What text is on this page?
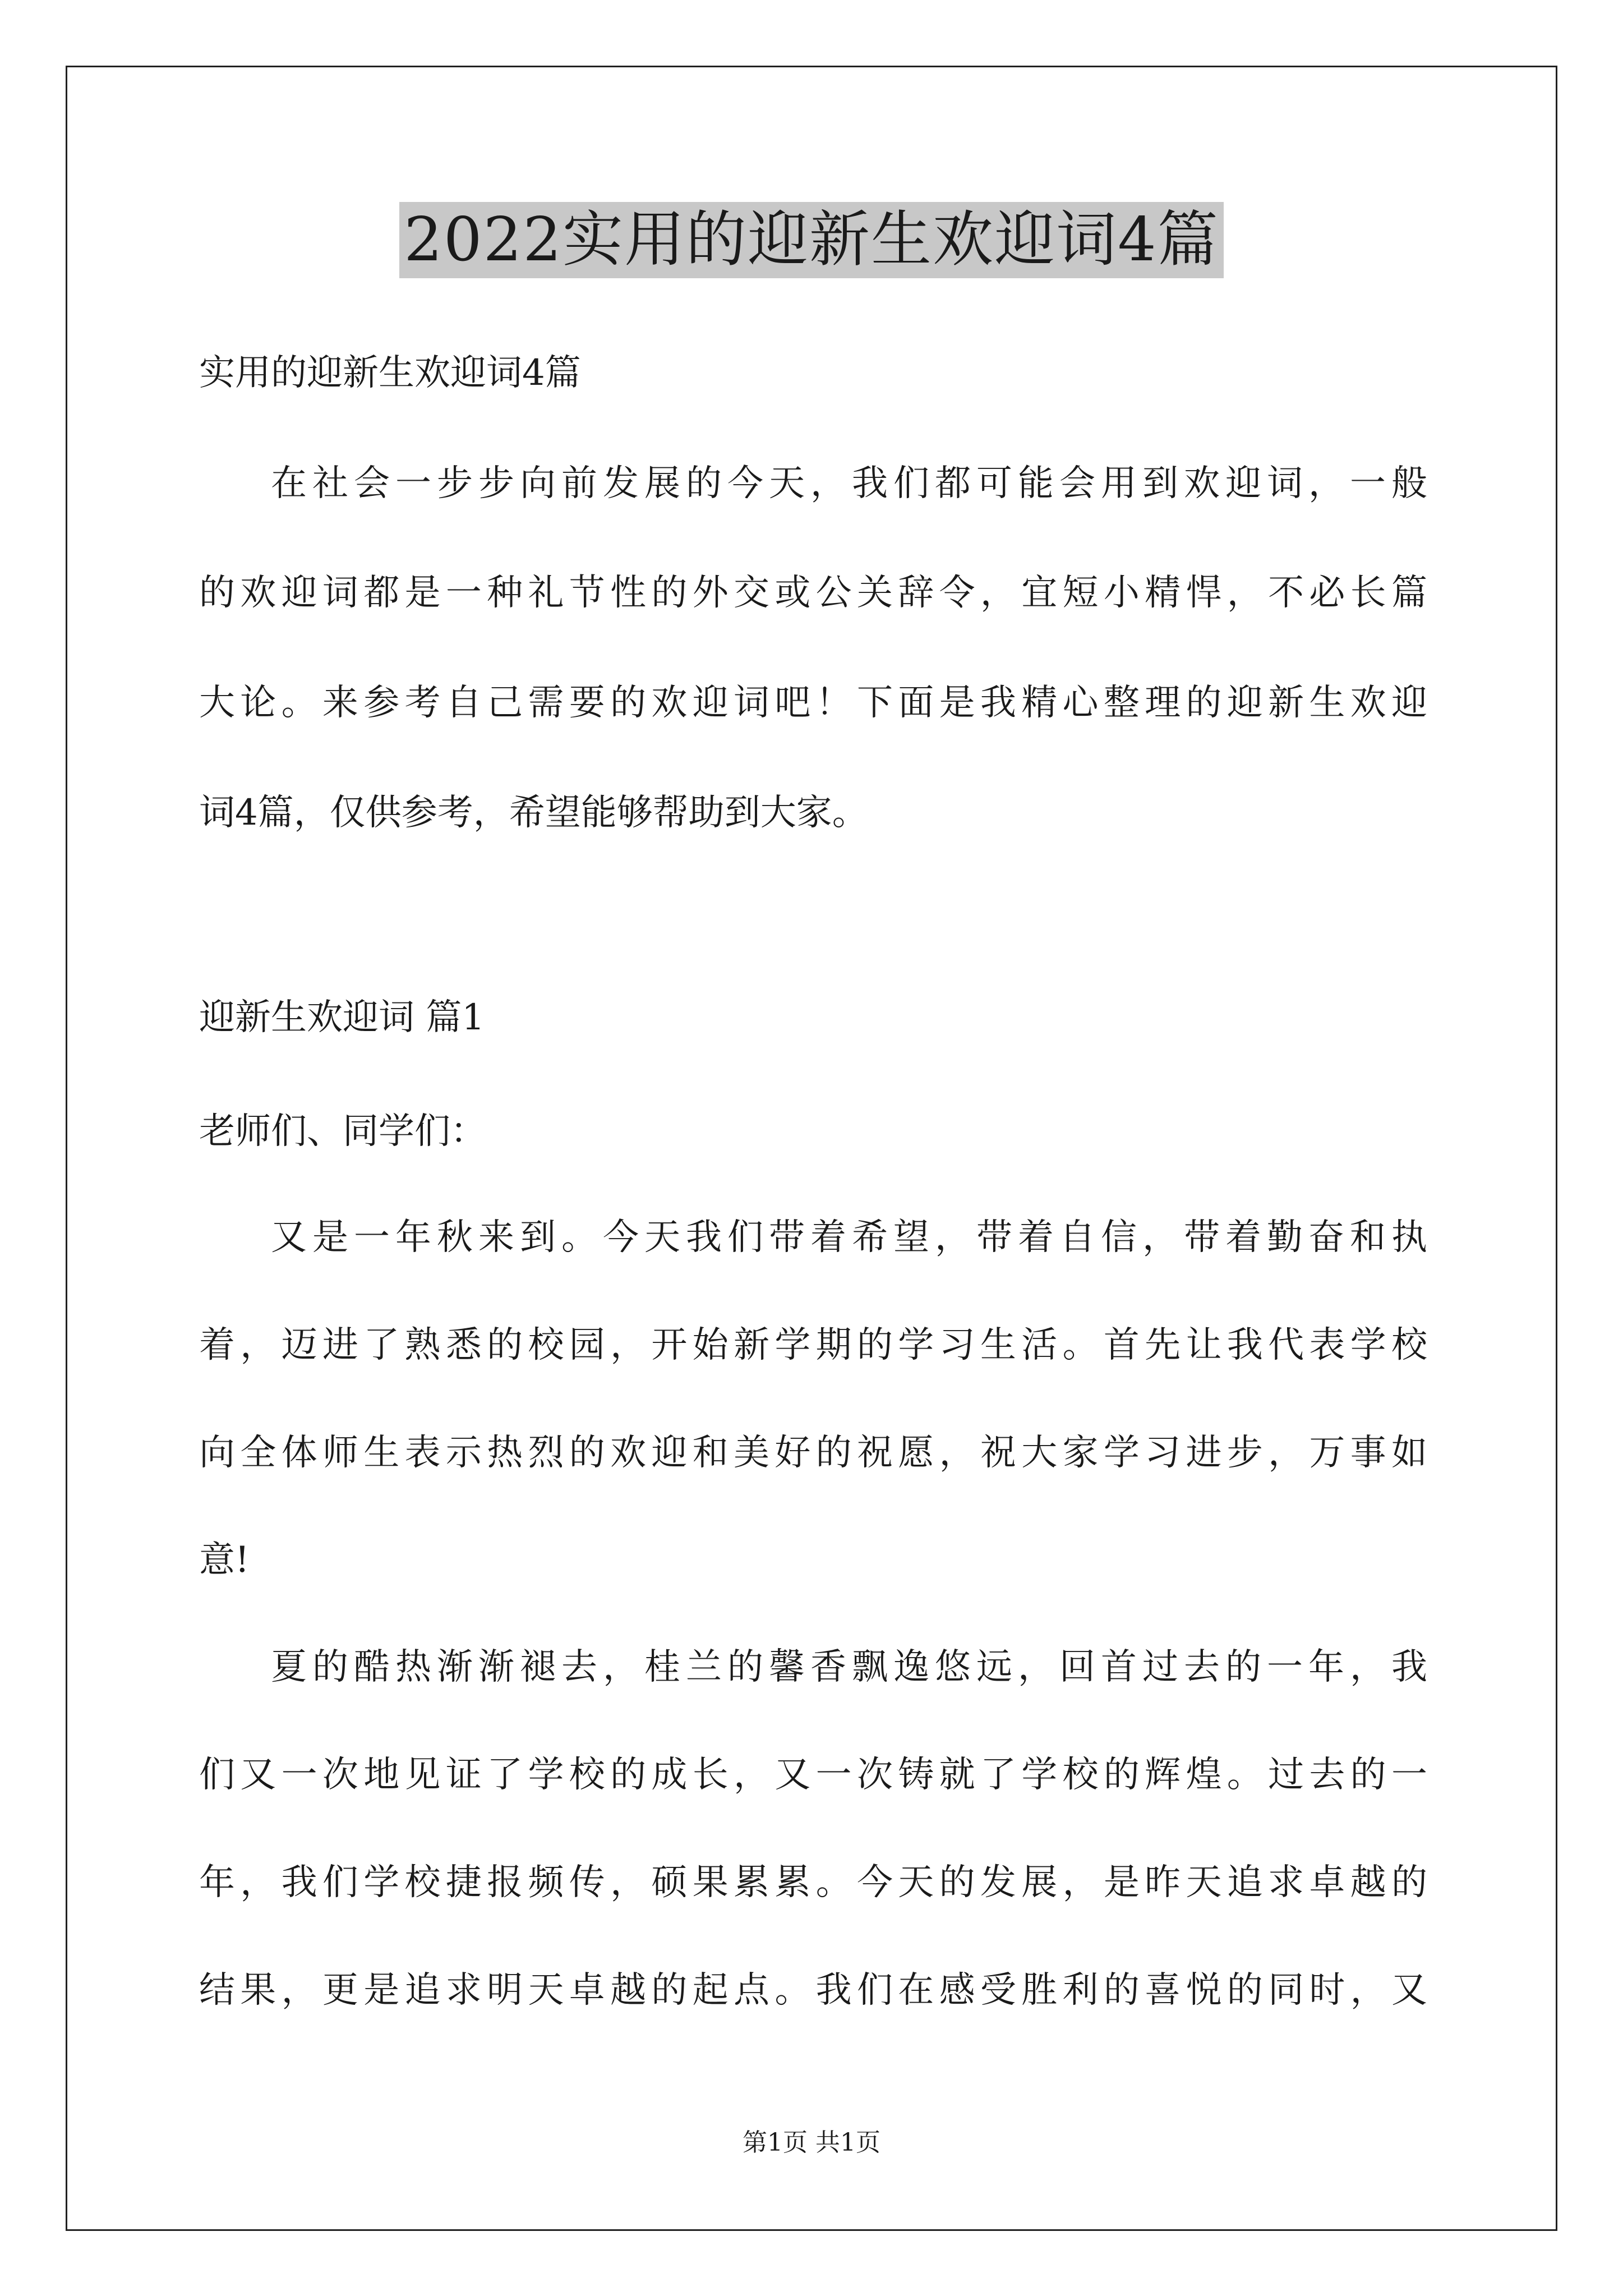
2022实用的迎新生欢迎词4篇
实用的迎新生欢迎词4篇
在社会一步步向前发展的今天，我们都可能会用到欢迎词，一般
的欢迎词都是一种礼节性的外交或公关辞令，宜短小精悍，不必长篇
大论。来参考自己需要的欢迎词吧！下面是我精心整理的迎新生欢迎
词4篇，仅供参考，希望能够帮助到大家。
迎新生欢迎词 篇1
老师们、同学们：
又是一年秋来到。今天我们带着希望，带着自信，带着勤奋和执
着，迈进了熟悉的校园，开始新学期的学习生活。首先让我代表学校
向全体师生表示热烈的欢迎和美好的祝愿，祝大家学习进步，万事如
意!
夏的酷热渐渐褪去，桂兰的馨香飘逸悠远，回首过去的一年，我
们又一次地见证了学校的成长，又一次铸就了学校的辉煌。过去的一
年，我们学校捷报频传，硕果累累。今天的发展，是昨天追求卓越的
结果，更是追求明天卓越的起点。我们在感受胜利的喜悦的同时，又
第1页 共1页
